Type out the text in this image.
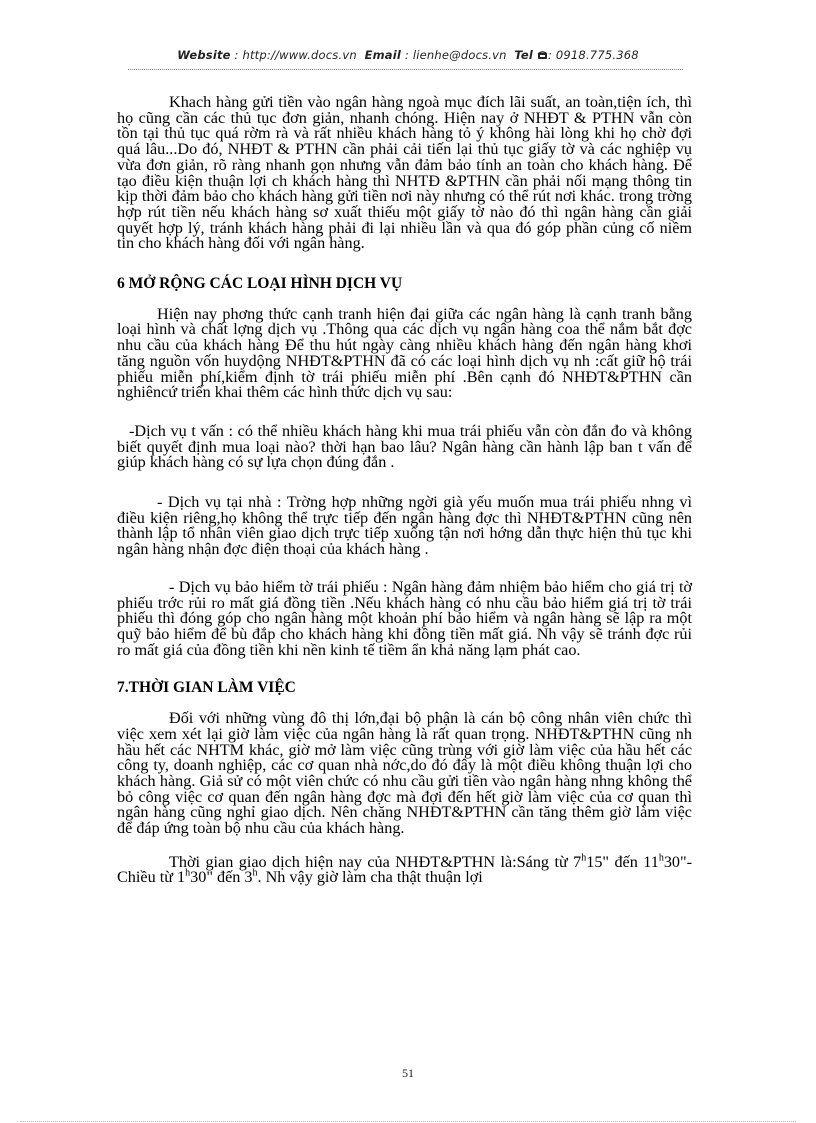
Website : http://www.docs.vn Email : lienhe@docs.vn Tel : 0918.775.368

Khach hàng gửi tiền vào ngân hàng ngoà mục đích lãi suất, an toàn,tiện ích, thì họ cũng cần các thủ tục đơn giản, nhanh chóng. Hiện nay ở NHĐT & PTHN vẫn còn tồn tại thủ tục quá rờm rà và rất nhiều khách hàng tỏ ý không hài lòng khi họ chờ đợi quá lâu...Do đó, NHĐT & PTHN cần phải cải tiến lại thủ tục giấy tờ và các nghiệp vụ vừa đơn giản, rõ ràng nhanh gọn nhưng vẫn đảm bảo tính an toàn cho khách hàng. Để tạo điều kiện thuận lợi ch khách hàng thì NHTĐ &PTHN cần phải nối mạng thông tin kịp thời đảm bảo cho khách hàng gửi tiền nơi này nhưng có thể rút nơi khác. trong trờng hợp rút tiền nếu khách hàng sơ xuất thiếu một giấy tờ nào đó thì ngân hàng cần giải quyết hợp lý, tránh khách hàng phải đi lại nhiều lần và qua đó góp phần củng cố niềm tin cho khách hàng đối với ngân hàng.

6 MỞ RỘNG CÁC LOẠI HÌNH DỊCH VỤ

Hiện nay phơng thức cạnh tranh hiện đại giữa các ngân hàng là cạnh tranh bằng loại hình và chất lợng dịch vụ .Thông qua các dịch vụ ngân hàng coa thể nắm bắt đợc nhu cầu của khách hàng Để thu hút ngày càng nhiều khách hàng đến ngân hàng khơi tăng nguồn vốn huydộng NHĐT&PTHN đã có các loại hình dịch vụ nh :cất giữ hộ trái phiếu miễn phí,kiểm định tờ trái phiếu miễn phí .Bên cạnh đó NHĐT&PTHN cần nghiêncứ triển khai thêm các hình thức dịch vụ sau:

-Dịch vụ t vấn : có thể nhiều khách hàng khi mua trái phiếu vẫn còn đắn đo và không biết quyết định mua loại nào? thời hạn bao lâu? Ngân hàng cần hành lập ban t vấn để giúp khách hàng có sự lựa chọn đúng đắn .

- Dịch vụ tại nhà : Trờng hợp những ngời già yếu muốn mua trái phiếu nhng vì điều kiện riêng,họ không thể trực tiếp đến ngân hàng đợc thì NHĐT&PTHN cũng nên thành lập tổ nhân viên giao dịch trực tiếp xuống tận nơi hớng dẫn thực hiện thủ tục khi ngân hàng nhận đợc điện thoại của khách hàng .

- Dịch vụ bảo hiểm tờ trái phiếu : Ngân hàng đảm nhiệm bảo hiểm cho giá trị tờ phiếu trớc rủi ro mất giá đồng tiền .Nếu khách hàng có nhu cầu bảo hiểm giá trị tờ trái phiếu thì đóng góp cho ngân hàng một khoản phí bảo hiểm và ngân hàng sẽ lập ra một quỹ bảo hiểm để bù đắp cho khách hàng khi đồng tiền mất giá. Nh vậy sẽ tránh đợc rủi ro mất giá của đồng tiền khi nền kinh tế tiềm ẩn khả năng lạm phát cao.

7.THỜI GIAN LÀM VIỆC

Đối với những vùng đô thị lớn,đại bộ phận là cán bộ công nhân viên chức thì việc xem xét lại giờ làm việc của ngân hàng là rất quan trọng. NHĐT&PTHN cũng nh hầu hết các NHTM khác, giờ mở làm việc cũng trùng với giờ làm việc của hầu hết các công ty, doanh nghiệp, các cơ quan nhà nớc,do đó đây là một điều không thuận lợi cho khách hàng. Giả sử có một viên chức có nhu cầu gửi tiền vào ngân hàng nhng không thể bỏ công việc cơ quan đến ngân hàng đợc mà đợi đến hết giờ làm việc của cơ quan thì ngân hàng cũng nghỉ giao dịch. Nên chăng NHĐT&PTHN cần tăng thêm giờ làm việc để đáp ứng toàn bộ nhu cầu của khách hàng.

Thời gian giao dịch hiện nay của NHĐT&PTHN là:Sáng từ 7$^h$15" đến 11$^h$30"- Chiều từ 1$^h$30" đến 3$^h$. Nh vậy giờ làm cha thật thuận lợi

51
